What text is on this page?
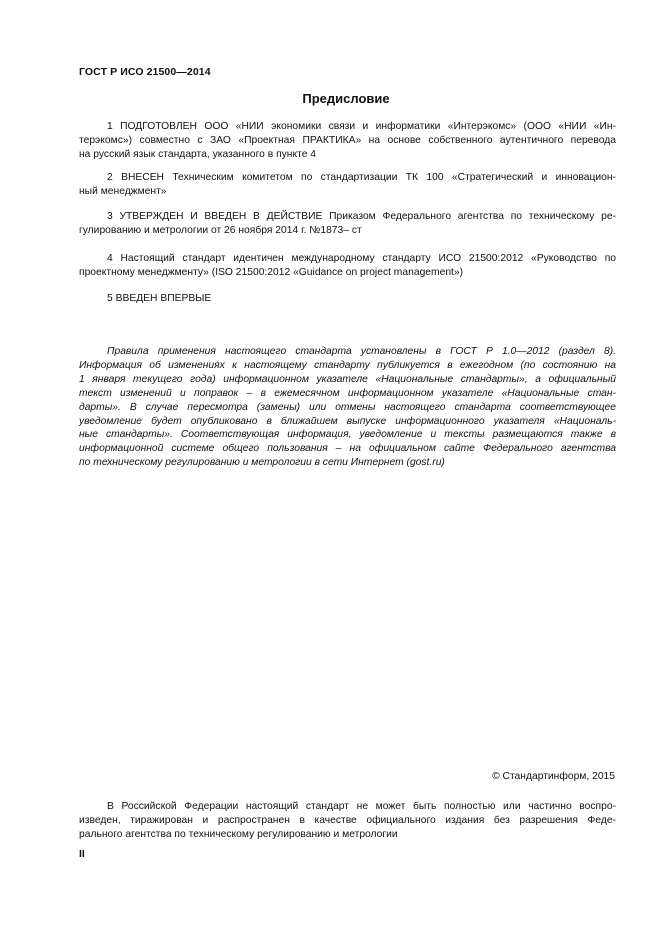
ГОСТ Р ИСО 21500—2014
Предисловие
1 ПОДГОТОВЛЕН ООО «НИИ экономики связи и информатики «Интерэкомс» (ООО «НИИ «Ин-
терэкомс») совместно с ЗАО «Проектная ПРАКТИКА» на основе собственного аутентичного перевода
на русский язык стандарта, указанного в пункте 4
2 ВНЕСЕН Техническим комитетом по стандартизации ТК 100 «Стратегический и инновацион-
ный менеджмент»
3 УТВЕРЖДЕН И ВВЕДЕН В ДЕЙСТВИЕ Приказом Федерального агентства по техническому ре-
гулированию и метрологии от 26 ноября 2014 г. №1873– ст
4 Настоящий стандарт идентичен международному стандарту ИСО 21500:2012 «Руководство по
проектному менеджменту» (ISO 21500:2012 «Guidance on project management»)
5 ВВЕДЕН ВПЕРВЫЕ
Правила применения настоящего стандарта установлены в ГОСТ Р 1.0—2012 (раздел 8).
Информация об изменениях к настоящему стандарту публикуется в ежегодном (по состоянию на
1 января текущего года) информационном указателе «Национальные стандарты», а официальный
текст изменений и поправок – в ежемесячном информационном указателе «Национальные стан-
дарты». В случае пересмотра (замены) или отмены настоящего стандарта соответствующее
уведомление будет опубликовано в ближайшем выпуске информационного указателя «Националь-
ные стандарты». Соответствующая информация, уведомление и тексты размещаются также в
информационной системе общего пользования – на официальном сайте Федерального агентства
по техническому регулированию и метрологии в сети Интернет (gost.ru)
© Стандартинформ, 2015
В Российской Федерации настоящий стандарт не может быть полностью или частично воспро-
изведен, тиражирован и распространен в качестве официального издания без разрешения Феде-
рального агентства по техническому регулированию и метрологии
II
